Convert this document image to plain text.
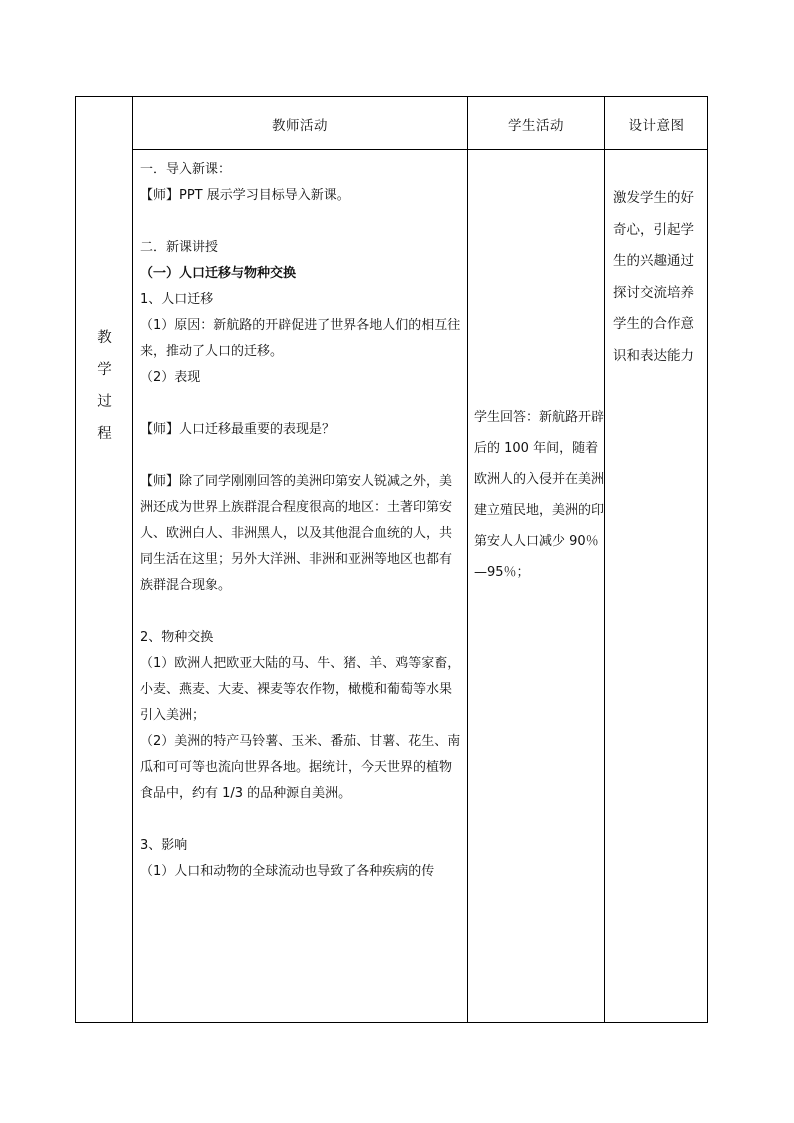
教师活动	学生活动	设计意图
教
学
过
程

一．导入新课：

【师】PPT 展示学习目标导入新课。

二．新课讲授

（一）人口迁移与物种交换

1、人口迁移

（1）原因：新航路的开辟促进了世界各地人们的相互往来，推动了人口的迁移。

（2）表现

【师】人口迁移最重要的表现是？

【师】除了同学刚刚回答的美洲印第安人锐减之外，美洲还成为世界上族群混合程度很高的地区：土著印第安人、欧洲白人、非洲黑人，以及其他混合血统的人，共同生活在这里；另外大洋洲、非洲和亚洲等地区也都有族群混合现象。

2、物种交换

（1）欧洲人把欧亚大陆的马、牛、猪、羊、鸡等家畜，小麦、燕麦、大麦、裸麦等农作物，橄榄和葡萄等水果引入美洲；

（2）美洲的特产马铃薯、玉米、番茄、甘薯、花生、南瓜和可可等也流向世界各地。据统计，今天世界的植物食品中，约有 1/3 的品种源自美洲。

3、影响

（1）人口和动物的全球流动也导致了各种疾病的传

学生回答：新航路开辟后的 100 年间，随着欧洲人的入侵并在美洲建立殖民地，美洲的印第安人人口减少 90％—95％；
激发学生的好奇心，引起学生的兴趣通过探讨交流培养学生的合作意识和表达能力
